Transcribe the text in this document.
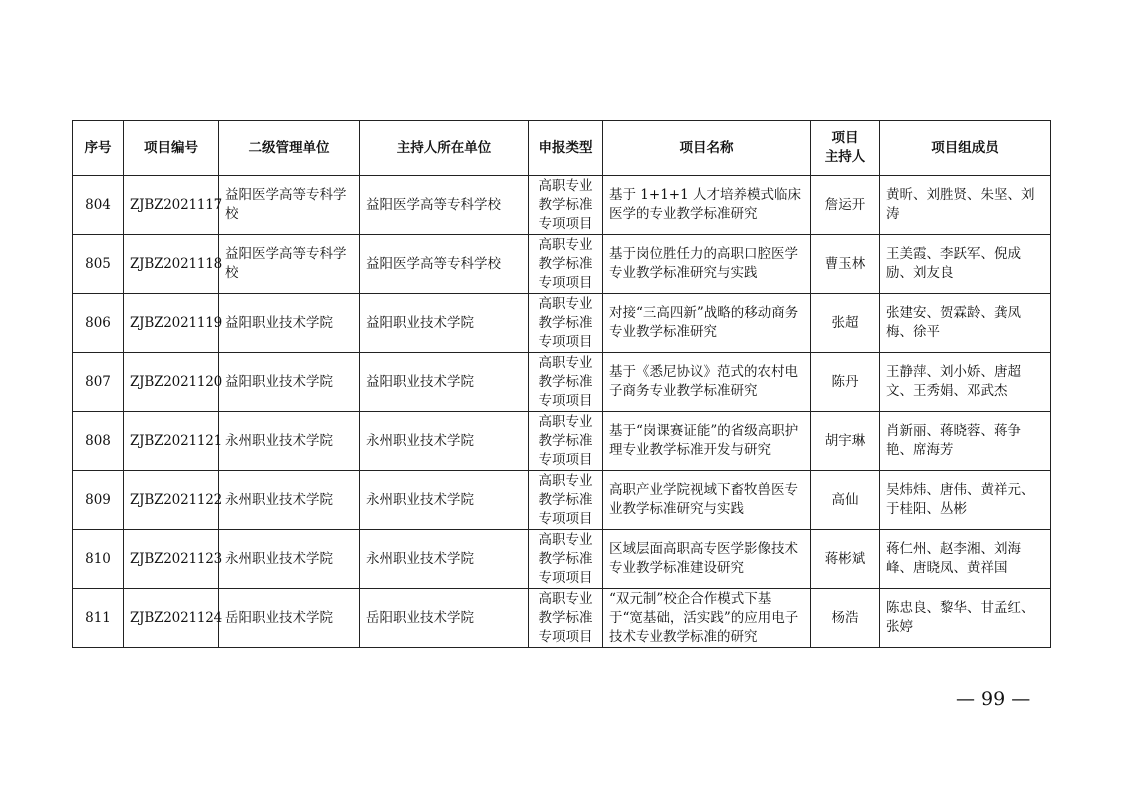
序号	项目编号	二级管理单位	主持人所在单位	申报类型	项目名称	项目
主持人	项目组成员
804	ZJBZ2021117	益阳医学高等专科学校	益阳医学高等专科学校	高职专业
教学标准
专项项目	基于 1+1+1 人才培养模式临床医学的专业教学标准研究	詹运开	黄昕、刘胜贤、朱坚、刘涛
805	ZJBZ2021118	益阳医学高等专科学校	益阳医学高等专科学校	高职专业
教学标准
专项项目	基于岗位胜任力的高职口腔医学专业教学标准研究与实践	曹玉林	王美霞、李跃军、倪成励、刘友良
806	ZJBZ2021119	益阳职业技术学院	益阳职业技术学院	高职专业
教学标准
专项项目	对接“三高四新”战略的移动商务专业教学标准研究	张超	张建安、贺霖龄、龚凤梅、徐平
807	ZJBZ2021120	益阳职业技术学院	益阳职业技术学院	高职专业
教学标准
专项项目	基于《悉尼协议》范式的农村电子商务专业教学标准研究	陈丹	王静萍、刘小娇、唐超文、王秀娟、邓武杰
808	ZJBZ2021121	永州职业技术学院	永州职业技术学院	高职专业
教学标准
专项项目	基于“岗课赛证能”的省级高职护理专业教学标准开发与研究	胡宇琳	肖新丽、蒋晓蓉、蒋争艳、席海芳
809	ZJBZ2021122	永州职业技术学院	永州职业技术学院	高职专业
教学标准
专项项目	高职产业学院视域下畜牧兽医专业教学标准研究与实践	高仙	吴炜炜、唐伟、黄祥元、于桂阳、丛彬
810	ZJBZ2021123	永州职业技术学院	永州职业技术学院	高职专业
教学标准
专项项目	区域层面高职高专医学影像技术专业教学标准建设研究	蒋彬斌	蒋仁州、赵李湘、刘海峰、唐晓凤、黄祥国
811	ZJBZ2021124	岳阳职业技术学院	岳阳职业技术学院	高职专业
教学标准
专项项目	“双元制”校企合作模式下基于“宽基础，活实践”的应用电子技术专业教学标准的研究	杨浩	陈忠良、黎华、甘孟红、张婷
— 99 —
